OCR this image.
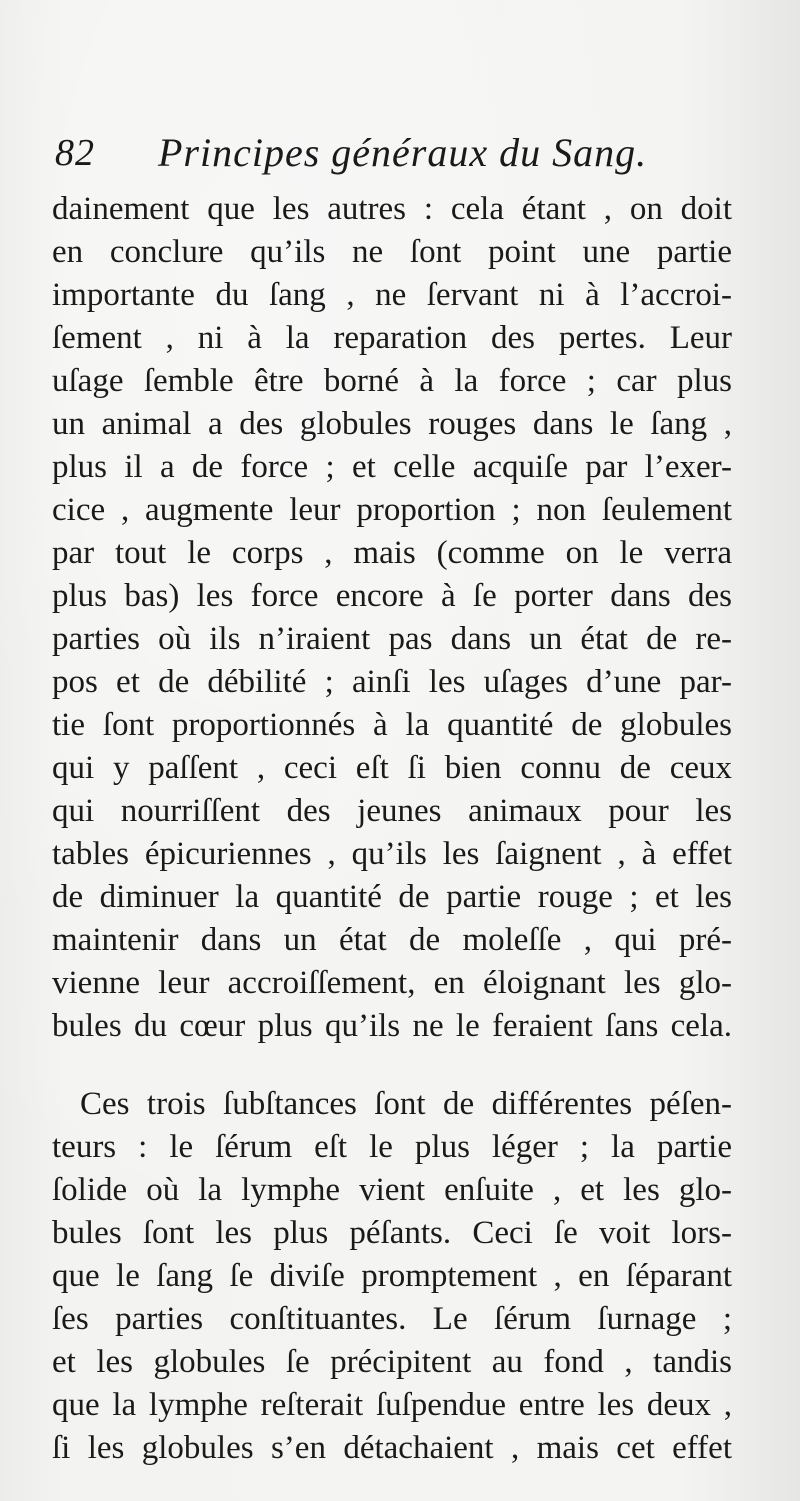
82 Principes généraux du Sang.
dainement que les autres : cela étant , on doit
en conclure qu’ils ne ſont point une partie
importante du ſang , ne ſervant ni à l’accroi-
ſement , ni à la reparation des pertes. Leur
uſage ſemble être borné à la force ; car plus
un animal a des globules rouges dans le ſang ,
plus il a de force ; et celle acquiſe par l’exer-
cice , augmente leur proportion ; non ſeulement
par tout le corps , mais (comme on le verra
plus bas) les force encore à ſe porter dans des
parties où ils n’iraient pas dans un état de re-
pos et de débilité ; ainſi les uſages d’une par-
tie ſont proportionnés à la quantité de globules
qui y paſſent , ceci eſt ſi bien connu de ceux
qui nourriſſent des jeunes animaux pour les
tables épicuriennes , qu’ils les ſaignent , à effet
de diminuer la quantité de partie rouge ; et les
maintenir dans un état de moleſſe , qui pré-
vienne leur accroiſſement, en éloignant les glo-
bules du cœur plus qu’ils ne le feraient ſans cela.
Ces trois ſubſtances ſont de différentes péſen-
teurs : le ſérum eſt le plus léger ; la partie
ſolide où la lymphe vient enſuite , et les glo-
bules ſont les plus péſants. Ceci ſe voit lors-
que le ſang ſe diviſe promptement , en ſéparant
ſes parties conſtituantes. Le ſérum ſurnage ;
et les globules ſe précipitent au fond , tandis
que la lymphe reſterait ſuſpendue entre les deux ,
ſi les globules s’en détachaient , mais cet effet
